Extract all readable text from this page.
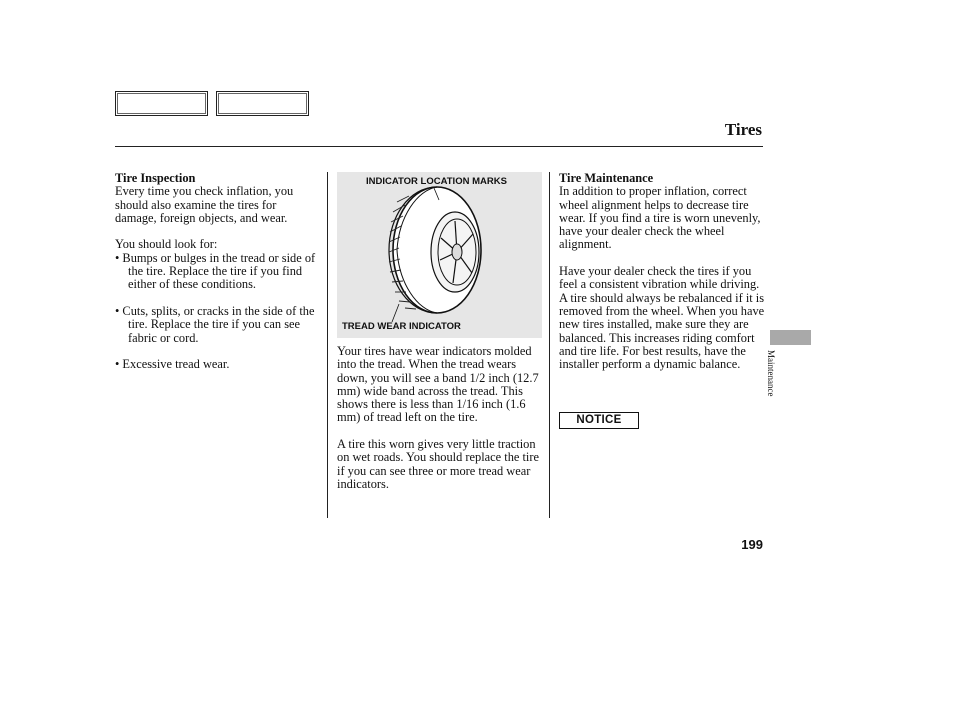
Tires

Tire Inspection

Every time you check inflation, you should also examine the tires for damage, foreign objects, and wear.

You should look for:

• Bumps or bulges in the tread or side of the tire. Replace the tire if you find either of these conditions.

• Cuts, splits, or cracks in the side of the tire. Replace the tire if you can see fabric or cord.

• Excessive tread wear.

INDICATOR LOCATION MARKS
TREAD WEAR INDICATOR

Your tires have wear indicators molded into the tread. When the tread wears down, you will see a band 1/2 inch (12.7 mm) wide band across the tread. This shows there is less than 1/16 inch (1.6 mm) of tread left on the tire.

A tire this worn gives very little traction on wet roads. You should replace the tire if you can see three or more tread wear indicators.

Tire Maintenance

In addition to proper inflation, correct wheel alignment helps to decrease tire wear. If you find a tire is worn unevenly, have your dealer check the wheel alignment.

Have your dealer check the tires if you feel a consistent vibration while driving. A tire should always be rebalanced if it is removed from the wheel. When you have new tires installed, make sure they are balanced. This increases riding comfort and tire life. For best results, have the installer perform a dynamic balance.

NOTICE
Maintenance
199
